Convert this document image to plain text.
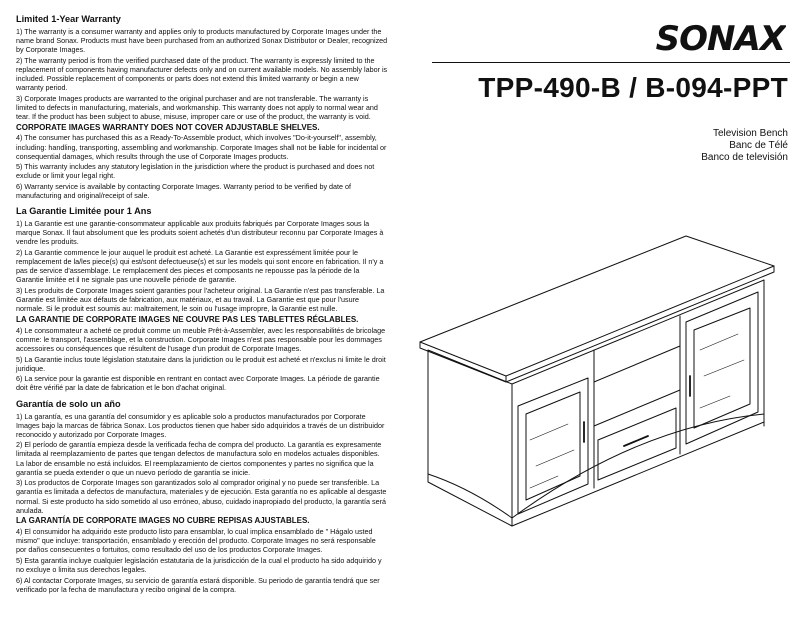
Limited 1-Year Warranty

1) The warranty is a consumer warranty and applies only to products manufactured by Corporate Images under the name brand Sonax. Products must have been purchased from an authorized Sonax Distributor or Dealer, recognized by Corporate Images.

2) The warranty period is from the verified purchased date of the product. The warranty is expressly limited to the replacement of components having manufacturer defects only and on current available models. No assembly labor is included. Possible replacement of components or parts does not extend this limited warranty or begin a new warranty period.

3) Corporate Images products are warranted to the original purchaser and are not transferable. The warranty is limited to defects in manufacturing, materials, and workmanship. This warranty does not apply to normal wear and tear. If the product has been subject to abuse, misuse, improper care or use of the product, the warranty is void.

CORPORATE IMAGES WARRANTY DOES NOT COVER ADJUSTABLE SHELVES.

4) The consumer has purchased this as a Ready-To-Assemble product, which involves "Do-it-yourself", assembly, including: handling, transporting, assembling and workmanship. Corporate Images shall not be liable for incidental or consequential damages, which results through the use of Corporate Images products.

5) This warranty includes any statutory legislation in the jurisdiction where the product is purchased and does not exclude or limit your legal right.

6) Warranty service is available by contacting Corporate Images. Warranty period to be verified by date of manufacturing and original/receipt of sale.

La Garantie Limitée pour 1 Ans

1) La Garantie est une garantie-consommateur applicable aux produits fabriqués par Corporate Images sous la marque Sonax. Il faut absolument que les produits soient achetés d'un distributeur reconnu par Corporate Images à vendre les produits.

2) La Garantie commence le jour auquel le produit est acheté. La Garantie est expressément limitée pour le remplacement de la/les piece(s) qui est/sont defectueuse(s) et sur les models qui sont encore en fabrication. Il n'y a pas de service d'assemblage. Le remplacement des pieces et composants ne repousse pas la période de la Garantie limitée et il ne signale pas une nouvelle période de garantie.

3) Les produits de Corporate Images soient garanties pour l'acheteur original. La Garantie n'est pas transferable. La Garantie est limitée aux défauts de fabrication, aux matériaux, et au travail. La Garantie est que pour l'usure normale. Si le produit est soumis au: maltraitement, le soin ou l'usage impropre, la Garantie est nulle.

LA GARANTIE DE CORPORATE IMAGES NE COUVRE PAS LES TABLETTES RÉGLABLES.

4) Le consommateur a acheté ce produit comme un meuble Prêt-à-Assembler, avec les responsabilités de bricolage comme: le transport, l'assemblage, et la construction. Corporate Images n'est pas responsable pour les dommages accessoires ou conséquences que résultent de l'usage d'un produit de Corporate Images.

5) La Garantie inclus toute législation statutaire dans la juridiction ou le produit est acheté et n'exclus ni limite le droit juridique.

6) La service pour la garantie est disponible en rentrant en contact avec Corporate Images. La période de garantie doit être vérifié par la date de fabrication et le bon d'achat original.

Garantía de solo un año

1) La garantía, es una garantía del consumidor y es aplicable solo a productos manufacturados por Corporate Images bajo la marcas de fábrica Sonax. Los productos tienen que haber sido adquiridos a través de un distribuidor reconocido y autorizado por Corporate Images.

2) El período de garantía empieza desde la verificada fecha de compra del producto. La garantía es expresamente limitada al reemplazamiento de partes que tengan defectos de manufactura solo en modelos actuales disponibles. La labor de ensamble no está incluidos. El reemplazamiento de ciertos componentes y partes no significa que la garantía se pueda extender o que un nuevo período de garantía se inicie.

3) Los productos de Corporate Images son garantizados solo al comprador original y no puede ser transferible. La garantía es limitada a defectos de manufactura, materiales y de ejecución. Esta garantía no es aplicable al desgaste normal. Si este producto ha sido sometido al uso erróneo, abuso, cuidado inapropiado del producto, la garantía será anulada.

LA GARANTÍA DE CORPORATE IMAGES NO CUBRE REPISAS AJUSTABLES.

4) El consumidor ha adquirido este producto listo para ensamblar, lo cual implica ensamblado de " Hágalo usted mismo" que incluye: transportación, ensamblado y erección del producto. Corporate Images no será responsable por daños consecuentes o fortuitos, como resultado del uso de los productos Corporate Images.

5) Esta garantía incluye cualquier legislación estatutaria de la jurisdicción de la cual el producto ha sido adquirido y no excluye o limita sus derechos legales.

6) Al contactar Corporate Images, su servicio de garantía estará disponible. Su periodo de garantía tendrá que ser verificado por la fecha de manufactura y recibo original de la compra.

SONAX
TPP-490-B / B-094-PPT
Television Bench
Banc de Télé
Banco de televisión
